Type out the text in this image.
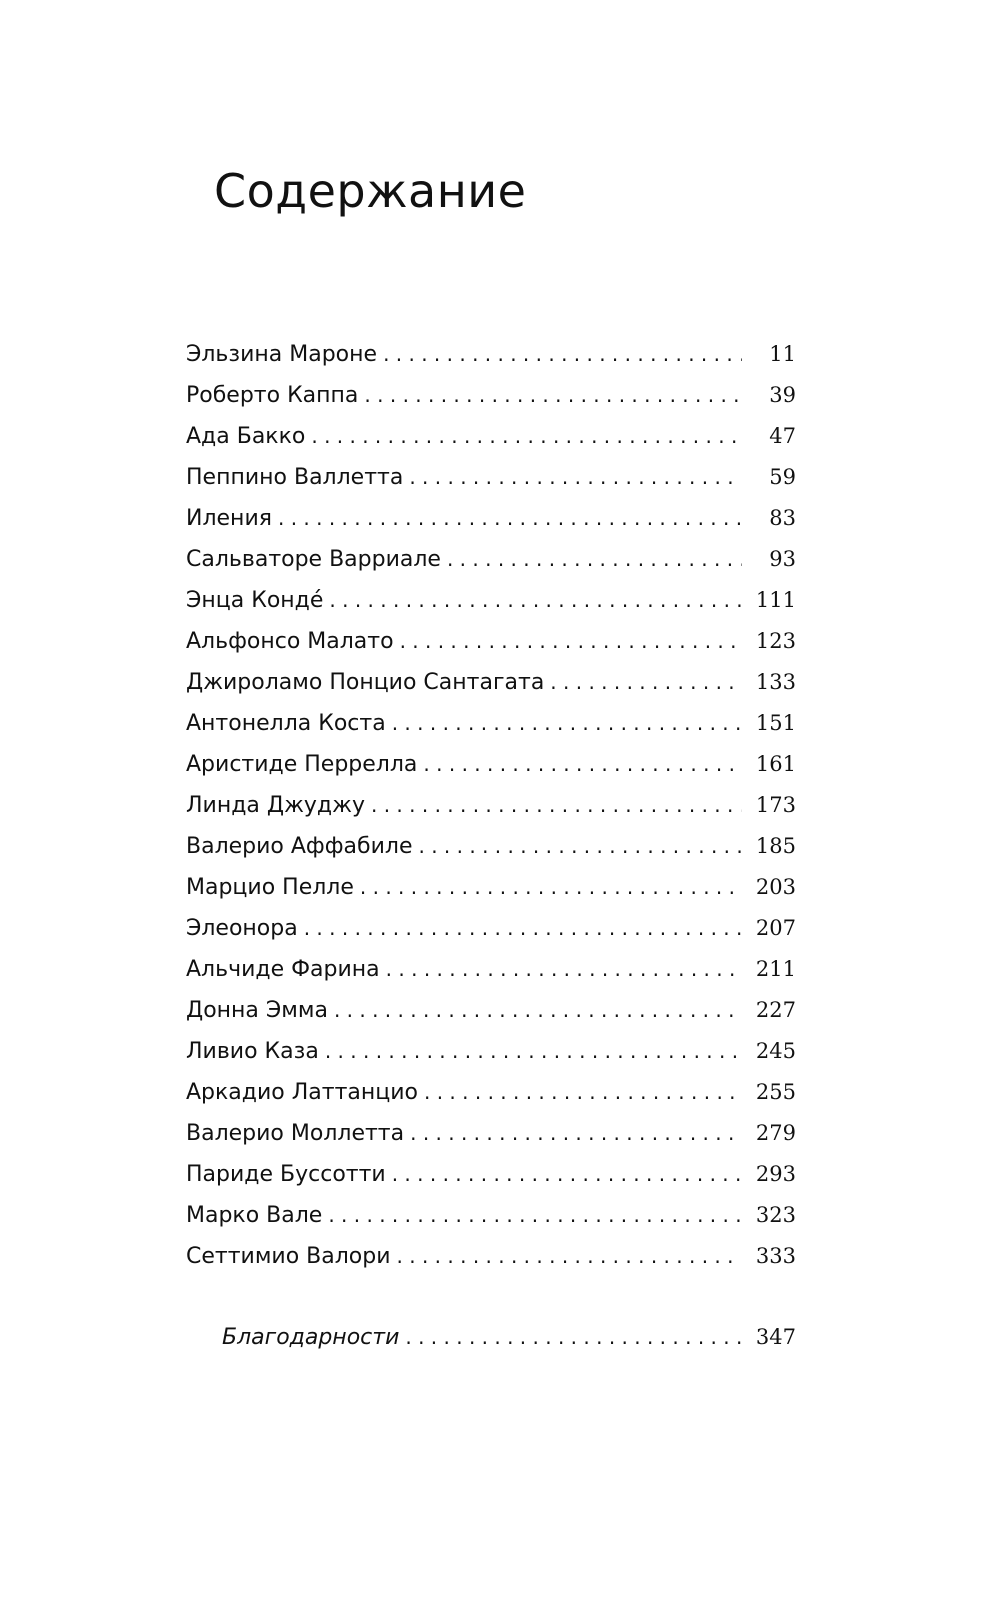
Содержание
Эльзина Мароне . . .	11
Роберто Каппа . . .	39
Ада Бакко . . .	47
Пеппино Валлетта . . .	59
Иления . . .	83
Сальваторе Варриале . . .	93
Энца Конде́ . . .	111
Альфонсо Малато . . .	123
Джироламо Понцио Сантагата . . .	133
Антонелла Коста . . .	151
Аристиде Перрелла . . .	161
Линда Джуджу . . .	173
Валерио Аффабиле . . .	185
Марцио Пелле . . .	203
Элеонора . . .	207
Альчиде Фарина . . .	211
Донна Эмма . . .	227
Ливио Каза . . .	245
Аркадио Латтанцио . . .	255
Валерио Моллетта . . .	279
Париде Буссотти . . .	293
Марко Вале . . .	323
Сеттимио Валори . . .	333
Благодарности . . .	347
